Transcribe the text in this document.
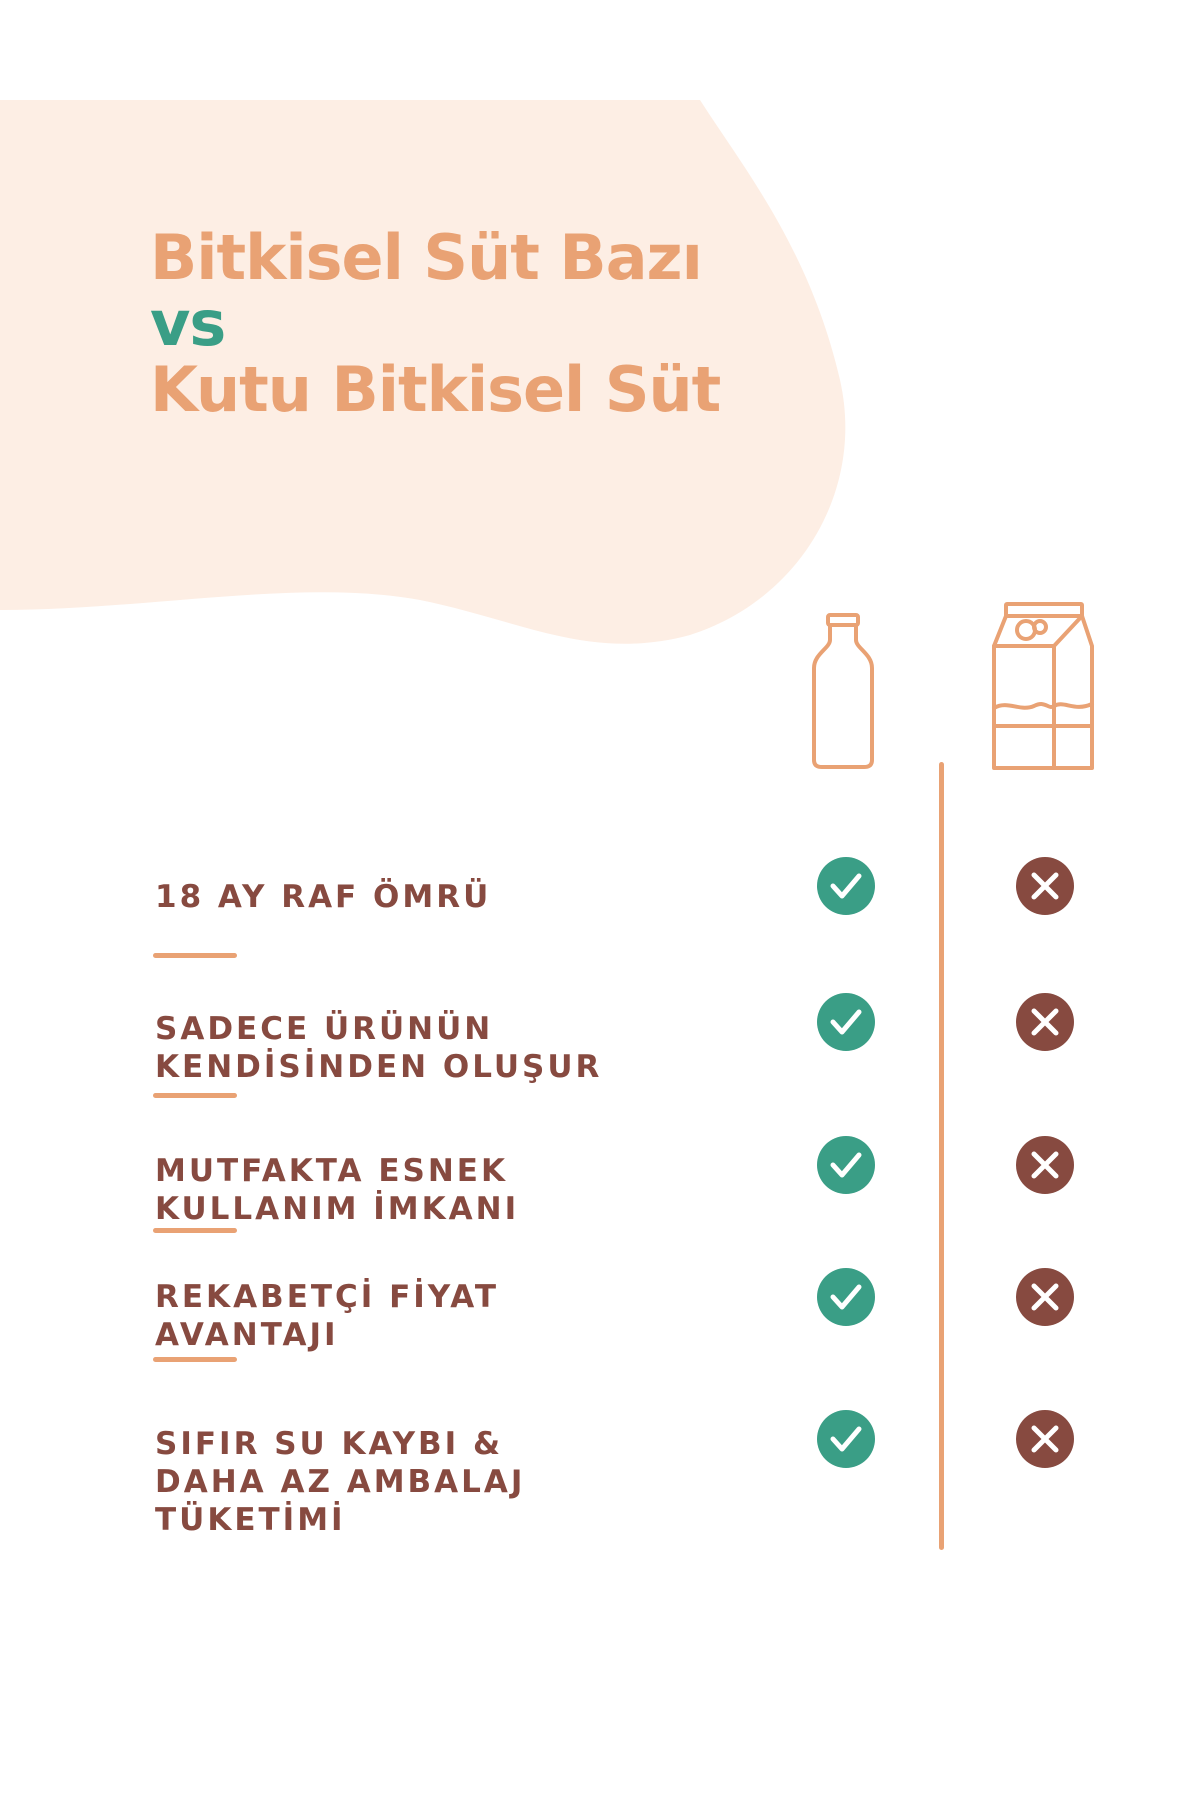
Bitkisel Süt Bazı
vs
Kutu Bitkisel Süt

18 AY RAF ÖMRÜ

SADECE ÜRÜNÜN
KENDİSİNDEN OLUŞUR

MUTFAKTA ESNEK
KULLANIM İMKANI

REKABETÇİ FİYAT
AVANTAJI

SIFIR SU KAYBI &
DAHA AZ AMBALAJ
TÜKETİMİ
